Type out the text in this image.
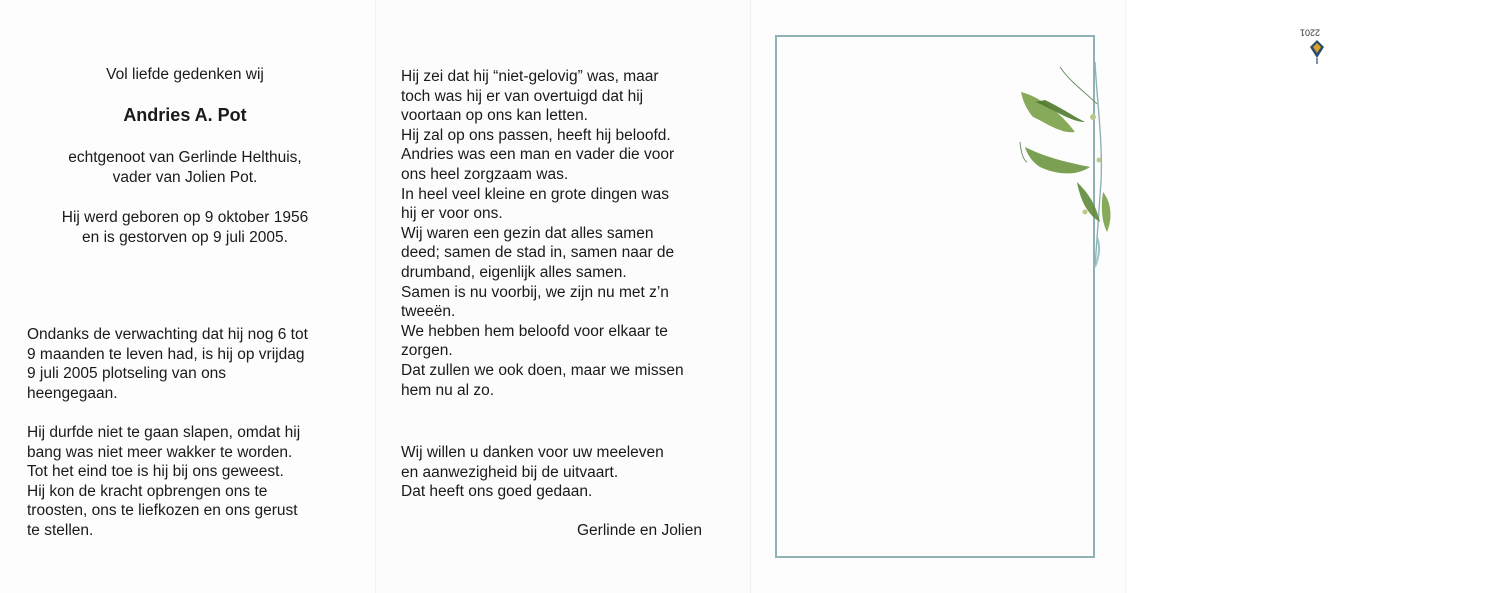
Vol liefde gedenken wij
Andries A. Pot
echtgenoot van Gerlinde Helthuis,
vader van Jolien Pot.
Hij werd geboren op 9 oktober 1956
en is gestorven op 9 juli 2005.
Ondanks de verwachting dat hij nog 6 tot
9 maanden te leven had, is hij op vrijdag
9 juli 2005 plotseling van ons
heengegaan.
Hij durfde niet te gaan slapen, omdat hij
bang was niet meer wakker te worden.
Tot het eind toe is hij bij ons geweest.
Hij kon de kracht opbrengen ons te
troosten, ons te liefkozen en ons gerust
te stellen.
Hij zei dat hij “niet-gelovig” was, maar
toch was hij er van overtuigd dat hij
voortaan op ons kan letten.
Hij zal op ons passen, heeft hij beloofd.
Andries was een man en vader die voor
ons heel zorgzaam was.
In heel veel kleine en grote dingen was
hij er voor ons.
Wij waren een gezin dat alles samen
deed; samen de stad in, samen naar de
drumband, eigenlijk alles samen.
Samen is nu voorbij, we zijn nu met z’n
tweeën.
We hebben hem beloofd voor elkaar te
zorgen.
Dat zullen we ook doen, maar we missen
hem nu al zo.
Wij willen u danken voor uw meeleven
en aanwezigheid bij de uitvaart.
Dat heeft ons goed gedaan.
Gerlinde en Jolien
2201
